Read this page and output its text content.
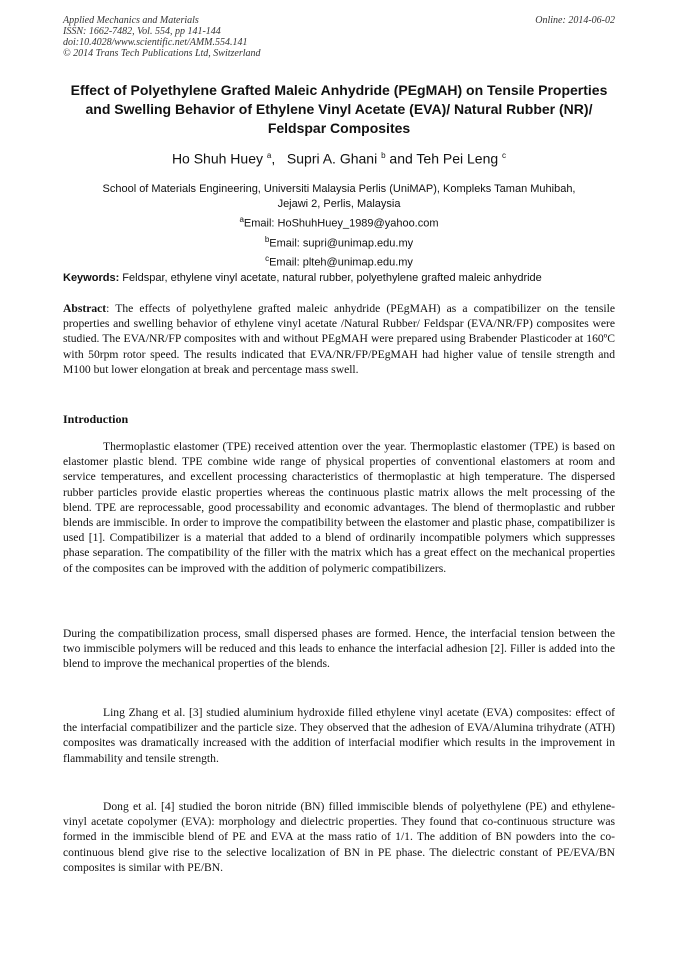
Applied Mechanics and Materials
ISSN: 1662-7482, Vol. 554, pp 141-144
doi:10.4028/www.scientific.net/AMM.554.141
© 2014 Trans Tech Publications Ltd, Switzerland
Online: 2014-06-02
Effect of Polyethylene Grafted Maleic Anhydride (PEgMAH) on Tensile Properties and Swelling Behavior of Ethylene Vinyl Acetate (EVA)/ Natural Rubber (NR)/ Feldspar Composites
Ho Shuh Huey $^a$,   Supri A. Ghani $^b$ and Teh Pei Leng $^c$
School of Materials Engineering, Universiti Malaysia Perlis (UniMAP), Kompleks Taman Muhibah,
Jejawi 2, Perlis, Malaysia
$^a$Email: HoShuhHuey_1989@yahoo.com
$^b$Email: supri@unimap.edu.my
$^c$Email: plteh@unimap.edu.my
Keywords: Feldspar, ethylene vinyl acetate, natural rubber, polyethylene grafted maleic anhydride
Abstract: The effects of polyethylene grafted maleic anhydride (PEgMAH) as a compatibilizer on the tensile properties and swelling behavior of ethylene vinyl acetate /Natural Rubber/ Feldspar (EVA/NR/FP) composites were studied. The EVA/NR/FP composites with and without PEgMAH were prepared using Brabender Plasticoder at 160ºC with 50rpm rotor speed. The results indicated that EVA/NR/FP/PEgMAH had higher value of tensile strength and M100 but lower elongation at break and percentage mass swell.
Introduction
Thermoplastic elastomer (TPE) received attention over the year. Thermoplastic elastomer (TPE) is based on elastomer plastic blend. TPE combine wide range of physical properties of conventional elastomers at room and service temperatures, and excellent processing characteristics of thermoplastic at high temperature. The dispersed rubber particles provide elastic properties whereas the continuous plastic matrix allows the melt processing of the blend. TPE are reprocessable, good processability and economic advantages. The blend of thermoplastic and rubber blends are immiscible. In order to improve the compatibility between the elastomer and plastic phase, compatibilizer is used [1]. Compatibilizer is a material that added to a blend of ordinarily incompatible polymers which suppresses phase separation. The compatibility of the filler with the matrix which has a great effect on the mechanical properties of the composites can be improved with the addition of polymeric compatibilizers.
During the compatibilization process, small dispersed phases are formed. Hence, the interfacial tension between the two immiscible polymers will be reduced and this leads to enhance the interfacial adhesion [2]. Filler is added into the blend to improve the mechanical properties of the blends.
Ling Zhang et al. [3] studied aluminium hydroxide filled ethylene vinyl acetate (EVA) composites: effect of the interfacial compatibilizer and the particle size. They observed that the adhesion of EVA/Alumina trihydrate (ATH) composites was dramatically increased with the addition of interfacial modifier which results in the improvement in flammability and tensile strength.
Dong et al. [4] studied the boron nitride (BN) filled immiscible blends of polyethylene (PE) and ethylene-vinyl acetate copolymer (EVA): morphology and dielectric properties. They found that co-continuous structure was formed in the immiscible blend of PE and EVA at the mass ratio of 1/1. The addition of BN powders into the co-continuous blend give rise to the selective localization of BN in PE phase. The dielectric constant of PE/EVA/BN composites is similar with PE/BN.
